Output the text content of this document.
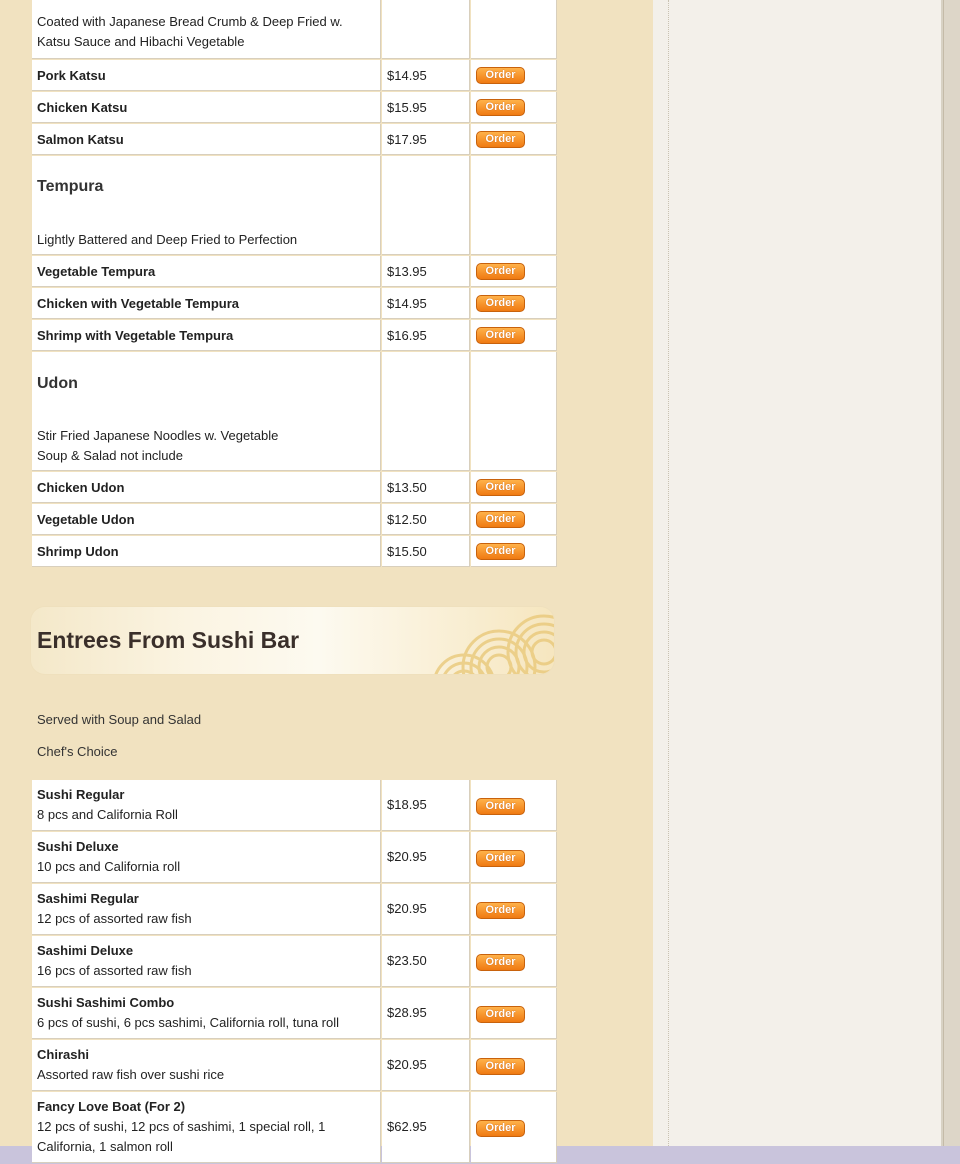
Coated with Japanese Bread Crumb & Deep Fried w.
Katsu Sauce and Hibachi Vegetable		

Pork Katsu	$14.95	Order
Chicken Katsu	$15.95	Order
Salmon Katsu	$17.95	Order

Tempura
Lightly Battered and Deep Fried to Perfection		

Vegetable Tempura	$13.95	Order
Chicken with Vegetable Tempura	$14.95	Order
Shrimp with Vegetable Tempura	$16.95	Order

Udon
Stir Fried Japanese Noodles w. Vegetable
Soup & Salad not include		

Chicken Udon	$13.50	Order
Vegetable Udon	$12.50	Order
Shrimp Udon	$15.50	Order
Entrees From Sushi Bar
Served with Soup and Salad
Chef's Choice
Sushi Regular
8 pcs and California Roll	$18.95	Order

Sushi Deluxe
10 pcs and California roll	$20.95	Order

Sashimi Regular
12 pcs of assorted raw fish	$20.95	Order

Sashimi Deluxe
16 pcs of assorted raw fish	$23.50	Order

Sushi Sashimi Combo
6 pcs of sushi, 6 pcs sashimi, California roll, tuna roll	$28.95	Order

Chirashi
Assorted raw fish over sushi rice	$20.95	Order

Fancy Love Boat (For 2)
12 pcs of sushi, 12 pcs of sashimi, 1 special roll, 1 California, 1 salmon roll	$62.95	Order
